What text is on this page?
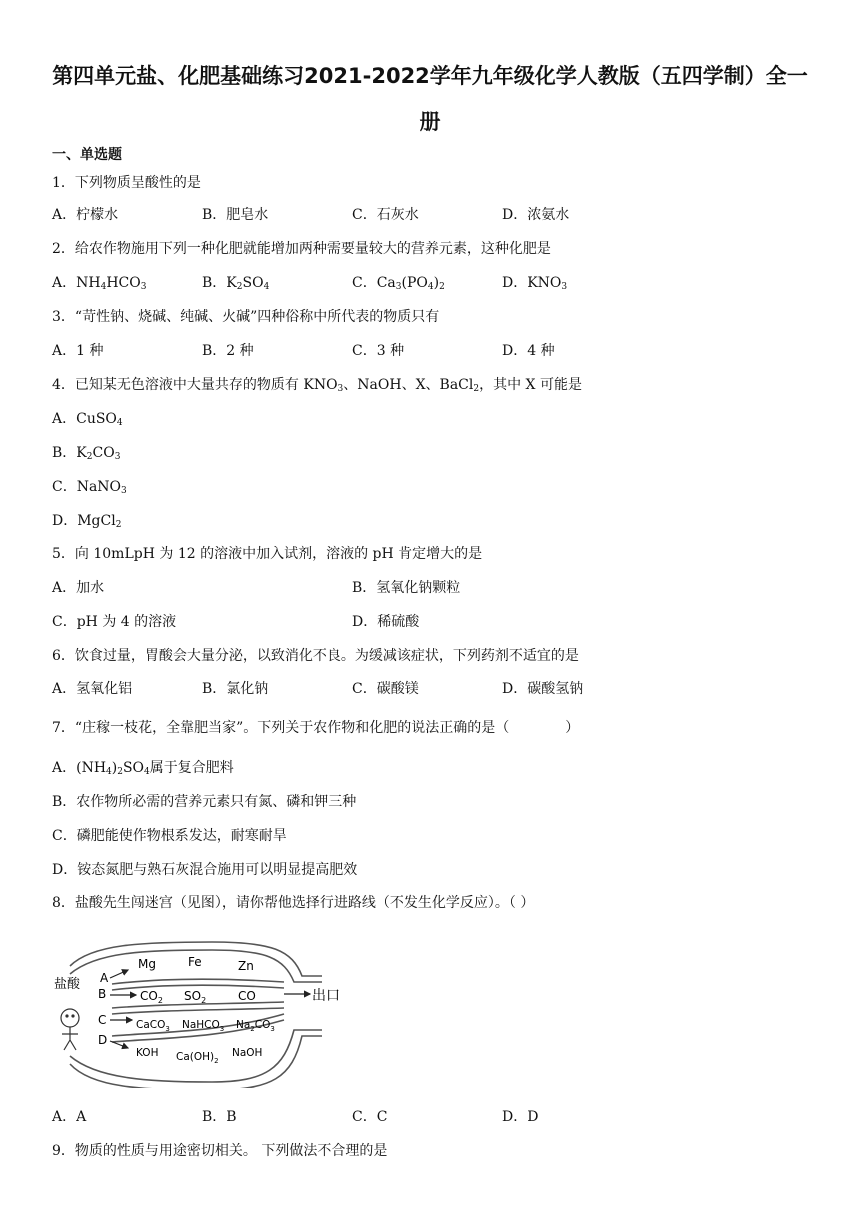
第四单元盐、化肥基础练习2021-2022学年九年级化学人教版（五四学制）全一
册
一、单选题
1．下列物质呈酸性的是
A．柠檬水	B．肥皂水	C．石灰水	D．浓氨水
2．给农作物施用下列一种化肥就能增加两种需要量较大的营养元素，这种化肥是
A．$NH_4HCO_3$	B．$K_2SO_4$	C．$Ca_3(PO_4)_2$	D．$KNO_3$
3．“苛性钠、烧碱、纯碱、火碱”四种俗称中所代表的物质只有
A．1 种	B．2 种	C．3 种	D．4 种
4．已知某无色溶液中大量共存的物质有 $KNO_3$、NaOH、X、BaCl$_2$，其中 X 可能是
A．CuSO$_4$
B．$K_2CO_3$
C．NaNO$_3$
D．MgCl$_2$
5．向 10mLpH 为 12 的溶液中加入试剂，溶液的 pH 肯定增大的是
A．加水	B．氢氧化钠颗粒
C．pH 为 4 的溶液	D．稀硫酸
6．饮食过量，胃酸会大量分泌，以致消化不良。为缓减该症状，下列药剂不适宜的是
A．氢氧化铝	B．氯化钠	C．碳酸镁	D．碳酸氢钠
7．“庄稼一枝花，全靠肥当家”。下列关于农作物和化肥的说法正确的是（　　　　）
A．$(NH_4)_2SO_4$属于复合肥料
B．农作物所必需的营养元素只有氮、磷和钾三种
C．磷肥能使作物根系发达，耐寒耐旱
D．铵态氮肥与熟石灰混合施用可以明显提高肥效
8．盐酸先生闯迷宫（见图），请你帮他选择行进路线（不发生化学反应）。（ ）
盐酸 A
B
C
D
出口
Mg	Fe	Zn
$CO_2$ $SO_2$	CO
CaCO$_3$ NaHCO$_3$ $Na_2CO_3$
KOH $Ca(OH)_2$
NaOH
A．A	B．B	C．C	D．D
9．物质的性质与用途密切相关。 下列做法不合理的是
